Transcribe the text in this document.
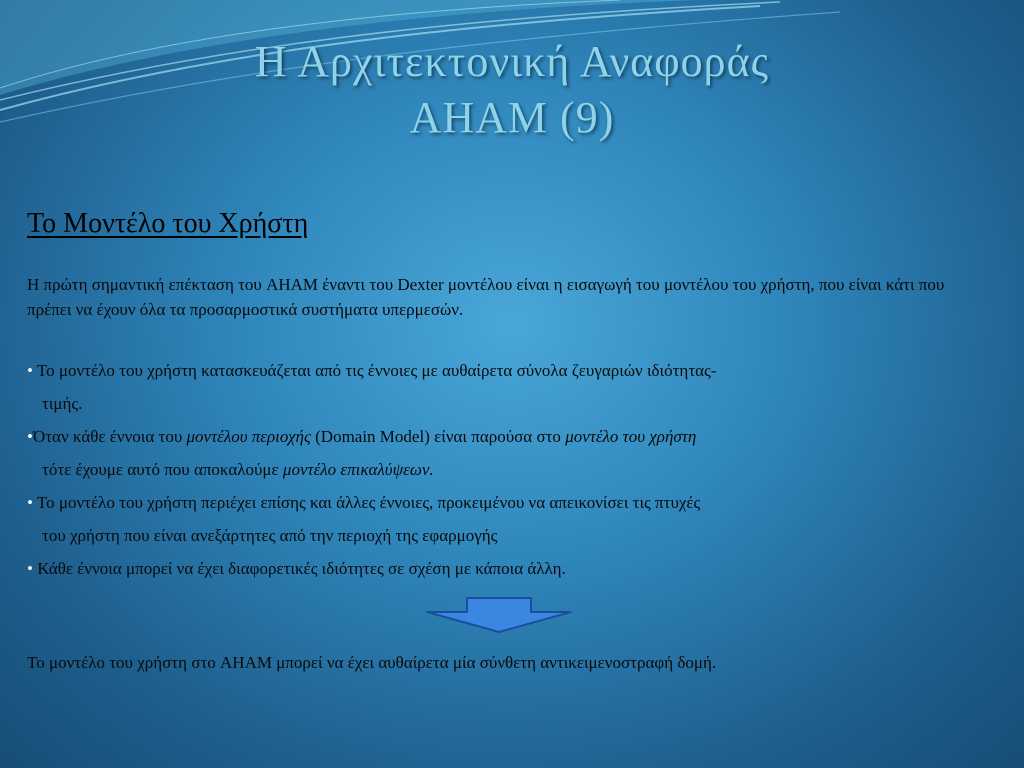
Η Αρχιτεκτονική Αναφοράς
AHAM (9)
Το Μοντέλο του Χρήστη
Η πρώτη σημαντική επέκταση του AHAM έναντι του Dexter μοντέλου είναι η εισαγωγή του μοντέλου του χρήστη, που είναι κάτι που πρέπει να έχουν όλα τα προσαρμοστικά συστήματα υπερμεσών.
• Το μοντέλο του χρήστη κατασκευάζεται από τις έννοιες με αυθαίρετα σύνολα ζευγαριών ιδιότητας-
τιμής.
•Όταν κάθε έννοια του μοντέλου περιοχής (Domain Model) είναι παρούσα στο μοντέλο του χρήστη
τότε έχουμε αυτό που αποκαλούμε μοντέλο επικαλύψεων.
• Το μοντέλο του χρήστη περιέχει επίσης και άλλες έννοιες, προκειμένου να απεικονίσει τις πτυχές
του χρήστη που είναι ανεξάρτητες από την περιοχή της εφαρμογής
• Κάθε έννοια μπορεί να έχει διαφορετικές ιδιότητες σε σχέση με κάποια άλλη.
Το μοντέλο του χρήστη στο AHAM μπορεί να έχει αυθαίρετα μία σύνθετη αντικειμενοστραφή δομή.
